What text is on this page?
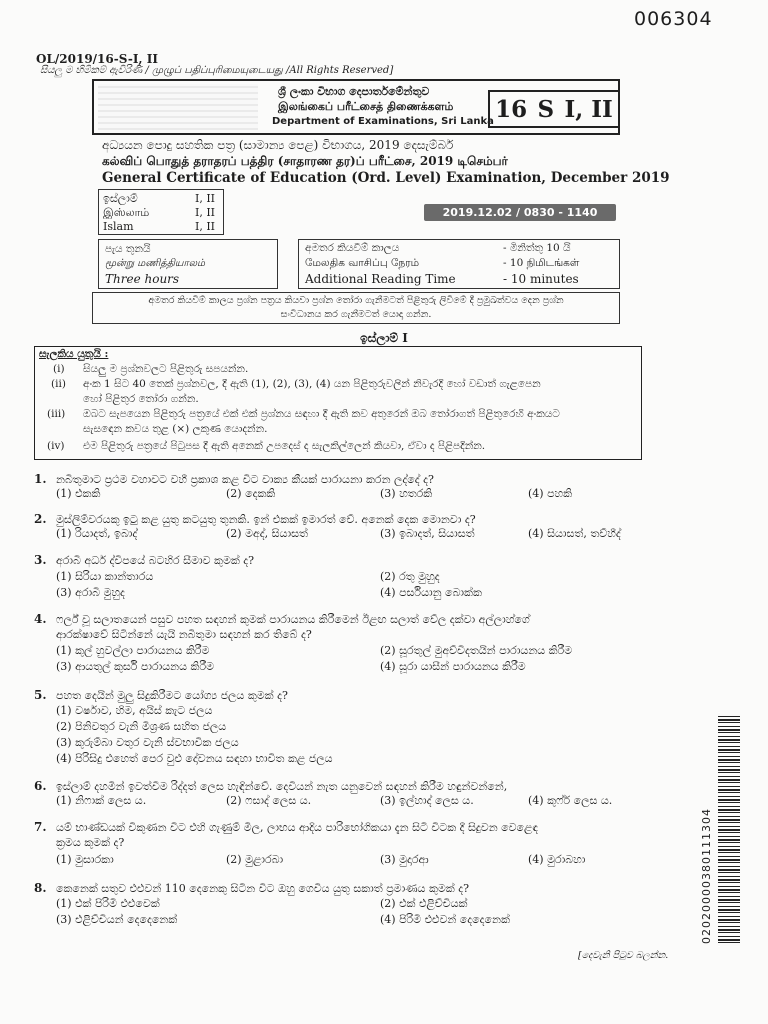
006304
OL/2019/16-S-I, II
සියලු ම හිමිකම් ඇවිරිණි / முழுப் பதிப்புரிமையுடையது /All Rights Reserved]
ශ්‍රී ලංකා විභාග දෙපාර්තමේන්තුව
இலங்கைப் பரீட்சைத் திணைக்களம்
Department of Examinations, Sri Lanka 16 S I, II
අධ්‍යයන පොදු සහතික පත්‍ර (සාමාන්‍ය පෙළ) විභාගය, 2019 දෙසැම්බර්
கல்விப் பொதுத் தராதரப் பத்திர (சாதாரண தர)ப் பரீட்சை, 2019 டிசெம்பர்
General Certificate of Education (Ord. Level) Examination, December 2019
ඉස්ලාම්	I, II
இஸ்லாம்	I, II
Islam	I, II
2019.12.02 / 0830 - 1140
පැය තුනයි
மூன்று மணித்தியாலம்
Three hours
අමතර කියවීම් කාලය	- මිනිත්තු 10 යි
மேலதிக வாசிப்பு நேரம்	- 10 நிமிடங்கள்
Additional Reading Time	- 10 minutes
අමතර කියවීම් කාලය ප්‍රශ්න පත්‍රය කියවා ප්‍රශ්න තෝරා ගැනීමටත් පිළිතුරු ලිවීමේ දී ප්‍රමුඛත්වය දෙන ප්‍රශ්න
සංවිධානය කර ගැනීමටත් යොදා ගන්න.
ඉස්ලාම් I
සැලකිය යුතුයි :
(i) සියලු ම ප්‍රශ්නවලට පිළිතුරු සපයන්න.
(ii) අංක 1 සිට 40 තෙක් ප්‍රශ්නවල, දී ඇති (1), (2), (3), (4) යන පිළිතුරුවලින් නිවැරදි හෝ වඩාත් ගැළපෙන
හෝ පිළිතුර තෝරා ගන්න.
(iii) ඔබට සැපයෙන පිළිතුරු පත්‍රයේ එක් එක් ප්‍රශ්නය සඳහා දී ඇති කව අතුරෙන් ඔබ තෝරාගත් පිළිතුරෙහි අංකයට
සැසඳෙන කවය තුළ (×) ලකුණ යොදන්න.
(iv) එම පිළිතුරු පත්‍රයේ පිටුපස දී ඇති අනෙක් උපදෙස් ද සැලකිල්ලෙන් කියවා, ඒවා ද පිළිපදින්න.
1. නබිතුමාට ප්‍රථම වහාවට වහී ප්‍රකාශ කළ විට වාක්‍ය කීයක් පාරායනා කරන ලද්දේ ද?
(1) එකකි	(2) දෙකකි	(3) හතරකි	(4) පහකි
2. මුස්ලිම්වරයකු ඉටු කළ යුතු කටයුතු තුනකි. ඉන් එකක් ඉමාරත් වේ. අනෙක් දෙක මොනවා ද?
(1) රියාදත්, ඉබාද්	(2) මඅද්, සියාසත්	(3) ඉබාදත්, සියාසත්	(4) සියාසත්, තව්හීද්
3. අරාබි අර්ධ ද්වීපයේ බටහිර සීමාව කුමක් ද?
(1) සිරියා කාන්තාරය	(2) රතු මුහුද
(3) අරාබි මුහුද	(4) පර්සියානු බොක්ක
4. ෆර්ල් වූ සලාතයෙන් පසුව පහත සඳහන් කුමක් පාරායනය කිරීමෙන් ඊළඟ සලාත් වේල දක්වා අල්ලාහ්ගේ
ආරක්ෂාවේ සිටින්නේ යැයි නබිතුමා සඳහන් කර තිබේ ද?
(1) කුල් හුවල්ලා පාරායනය කිරීම	(2) සූරතුල් මුඅව්විදතයින් පාරායනය කිරීම
(3) ආයතුල් කුර්සි පාරායනය කිරීම	(4) සූරා යාසීන් පාරායනය කිරීම
5. පහත දෙයින් මුලු සිදුකිරීමට යෝග්‍ය ජලය කුමක් ද?
(1) වර්ෂාව, හිම, අයිස් කැට ජලය
(2) පිනිවතුර වැනි මිශ්‍රණ සහිත ජලය
(3) කුරුම්බා වතුර වැනි ස්වභාවික ජලය
(4) පිරිසිදු එහෙත් පෙර වුළු දෝවනය සඳහා භාවිත කළ ජලය
6. ඉස්ලාම් දහමින් ඉවත්වීම රිද්දත් ලෙස හැඳින්වේ. දෙවියන් නැත යනුවෙන් සඳහන් කිරීම හඳුන්වන්නේ,
(1) නිෆාක් ලෙස ය.	(2) ෆසාද් ලෙස ය.	(3) ඉල්හාද් ලෙස ය.	(4) කුෆ්ර් ලෙස ය.
7. යම් භාණ්ඩයක් විකුණන විට එහි ගැණුම් මිල, ලාභය ආදිය පාරිභෝගිකයා දැන සිටි විටක දී සිදුවන වෙළෙඳ
ක්‍රමය කුමක් ද?
(1) මුසාරකා	(2) මුළාරබා	(3) මුදාරආ	(4) මුරාබහා
8. කෙනෙක් සතුව එළුවන් 110 දෙනෙකු සිටින විට ඔහු ගෙවිය යුතු සකාත් ප්‍රමාණය කුමක් ද?
(1) එක් පිරිමි එළුවෙක්	(2) එක් එළිච්චියක්
(3) එළිච්චියන් දෙදෙනෙක්	(4) පිරිමි එළුවන් දෙදෙනෙක්
[දෙවැනි පිටුව බලන්න.
02020000380111304
